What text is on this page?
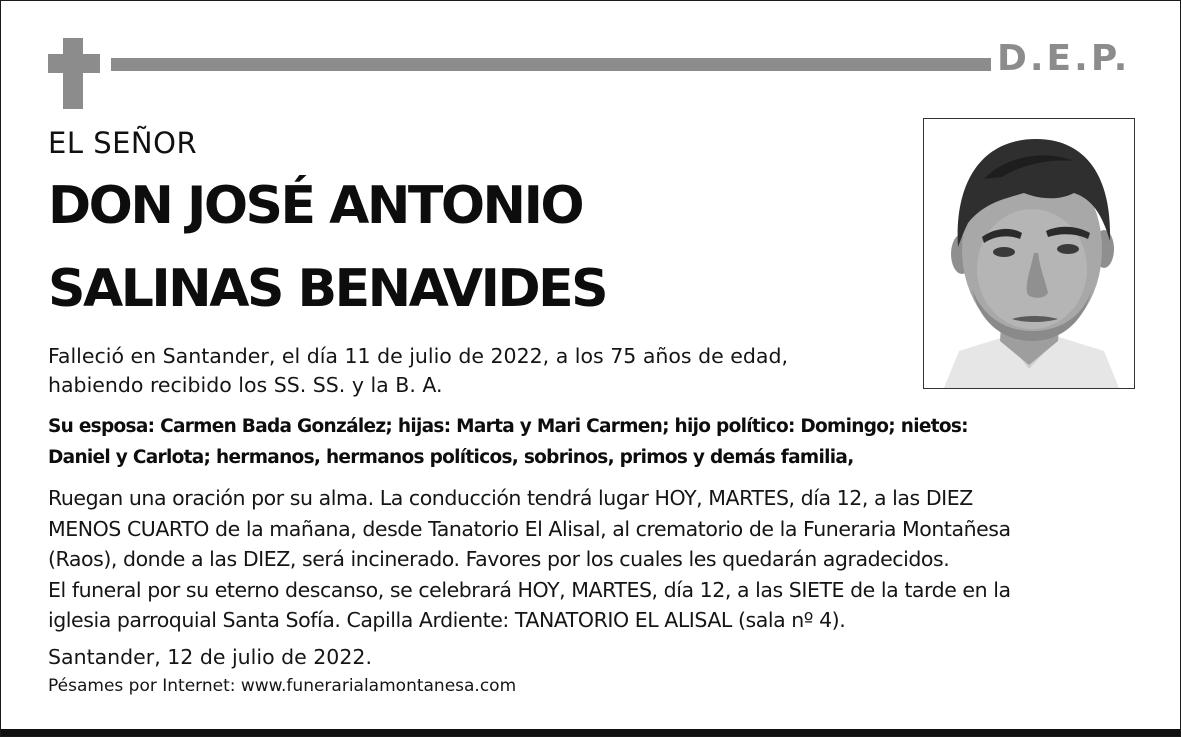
D.E.P.
EL SEÑOR
DON JOSÉ ANTONIO
SALINAS BENAVIDES
Falleció en Santander, el día 11 de julio de 2022, a los 75 años de edad,
habiendo recibido los SS. SS. y la B. A.
Su esposa: Carmen Bada González; hijas: Marta y Mari Carmen; hijo político: Domingo; nietos:
Daniel y Carlota; hermanos, hermanos políticos, sobrinos, primos y demás familia,
Ruegan una oración por su alma. La conducción tendrá lugar HOY, MARTES, día 12, a las DIEZ
MENOS CUARTO de la mañana, desde Tanatorio El Alisal, al crematorio de la Funeraria Montañesa
(Raos), donde a las DIEZ, será incinerado. Favores por los cuales les quedarán agradecidos.
El funeral por su eterno descanso, se celebrará HOY, MARTES, día 12, a las SIETE de la tarde en la
iglesia parroquial Santa Sofía. Capilla Ardiente: TANATORIO EL ALISAL (sala nº 4).
Santander, 12 de julio de 2022.
Pésames por Internet: www.funerarialamontanesa.com
